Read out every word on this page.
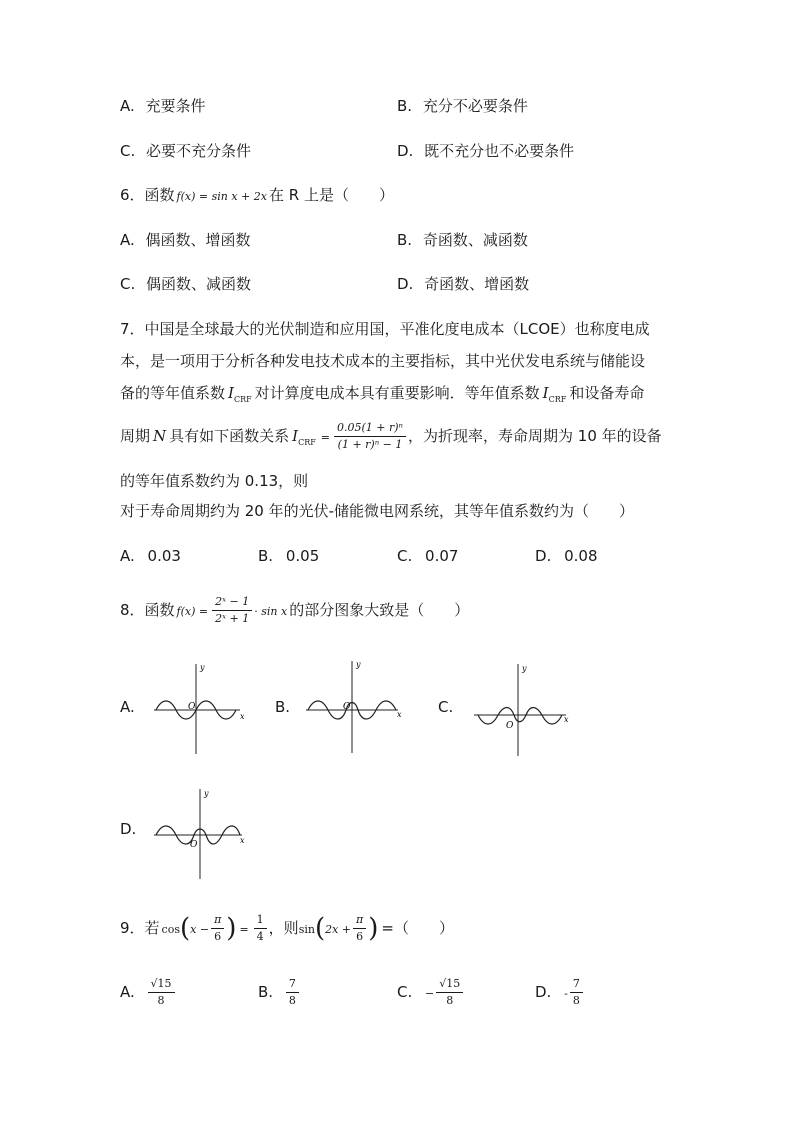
A. 充要条件	B. 充分不必要条件
C. 必要不充分条件	D. 既不充分也不必要条件
6．函数 f(x) = sin x + 2x 在 R 上是（　　）
A. 偶函数、增函数	B. 奇函数、减函数
C. 偶函数、减函数	D. 奇函数、增函数
7．中国是全球最大的光伏制造和应用国，平准化度电成本（LCOE）也称度电成
本，是一项用于分析各种发电技术成本的主要指标，其中光伏发电系统与储能设
备的等年值系数 $I_{CRF}$ 对计算度电成本具有重要影响．等年值系数 $I_{CRF}$ 和设备寿命
周期 N 具有如下函数关系 $I_{CRF} = \frac{\text{0.05(1 + r)ⁿ}}{\text{(1 + r)ⁿ − 1}}$ ，为折现率，寿命周期为 10 年的设备
的等年值系数约为 0.13，则
对于寿命周期约为 20 年的光伏-储能微电网系统，其等年值系数约为（　　）
A. 0.03	B. 0.05	C. 0.07	D. 0.08
8．函数 $f(x) = \frac{\text{2ˣ − 1}}{\text{2ˣ + 1}} \cdot \sin x$ 的部分图象大致是（　　）
A.	B.	C.
D.
y
x
O
y
x
O
y
x
O
y
x
O
9．若 $\cos(x - \frac{\pi}{6}$ ) = $\frac{1}{4}$ ，则$\sin(2x + \frac{\pi}{6}$ ) =（　　）
A. $\frac{√15}{8}$	B. $\frac{7}{8}$	C. − $\frac{√15}{8}$	D. - $\frac{7}{8}$
